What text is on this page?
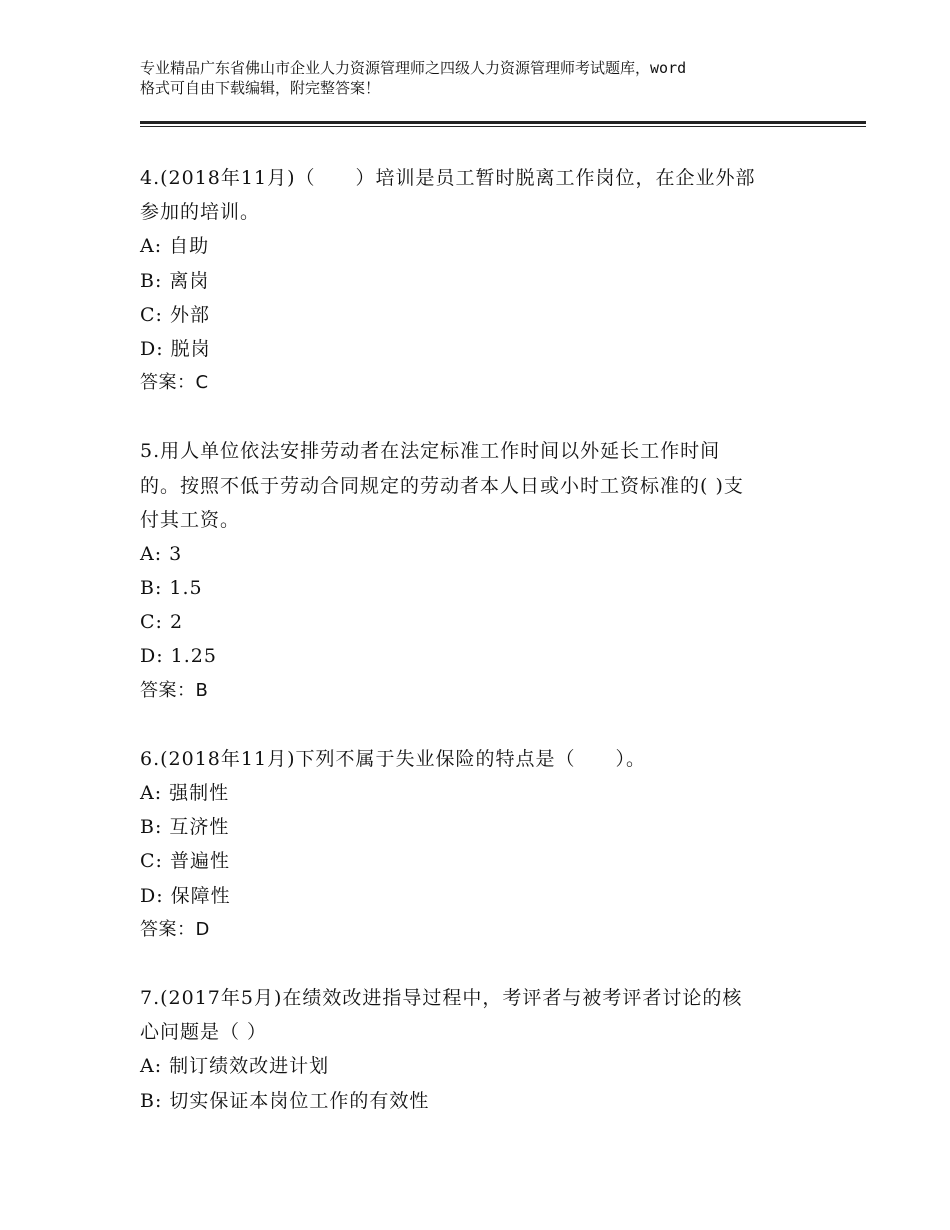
专业精品广东省佛山市企业人力资源管理师之四级人力资源管理师考试题库，word
格式可自由下载编辑，附完整答案！
4.(2018年11月)（　　）培训是员工暂时脱离工作岗位，在企业外部
参加的培训。
A: 自助
B: 离岗
C: 外部
D: 脱岗
答案：C
5.用人单位依法安排劳动者在法定标准工作时间以外延长工作时间
的。按照不低于劳动合同规定的劳动者本人日或小时工资标准的( )支
付其工资。
A: 3
B: 1.5
C: 2
D: 1.25
答案：B
6.(2018年11月)下列不属于失业保险的特点是（　　）。
A: 强制性
B: 互济性
C: 普遍性
D: 保障性
答案：D
7.(2017年5月)在绩效改进指导过程中，考评者与被考评者讨论的核
心问题是（ ）
A: 制订绩效改进计划
B: 切实保证本岗位工作的有效性
